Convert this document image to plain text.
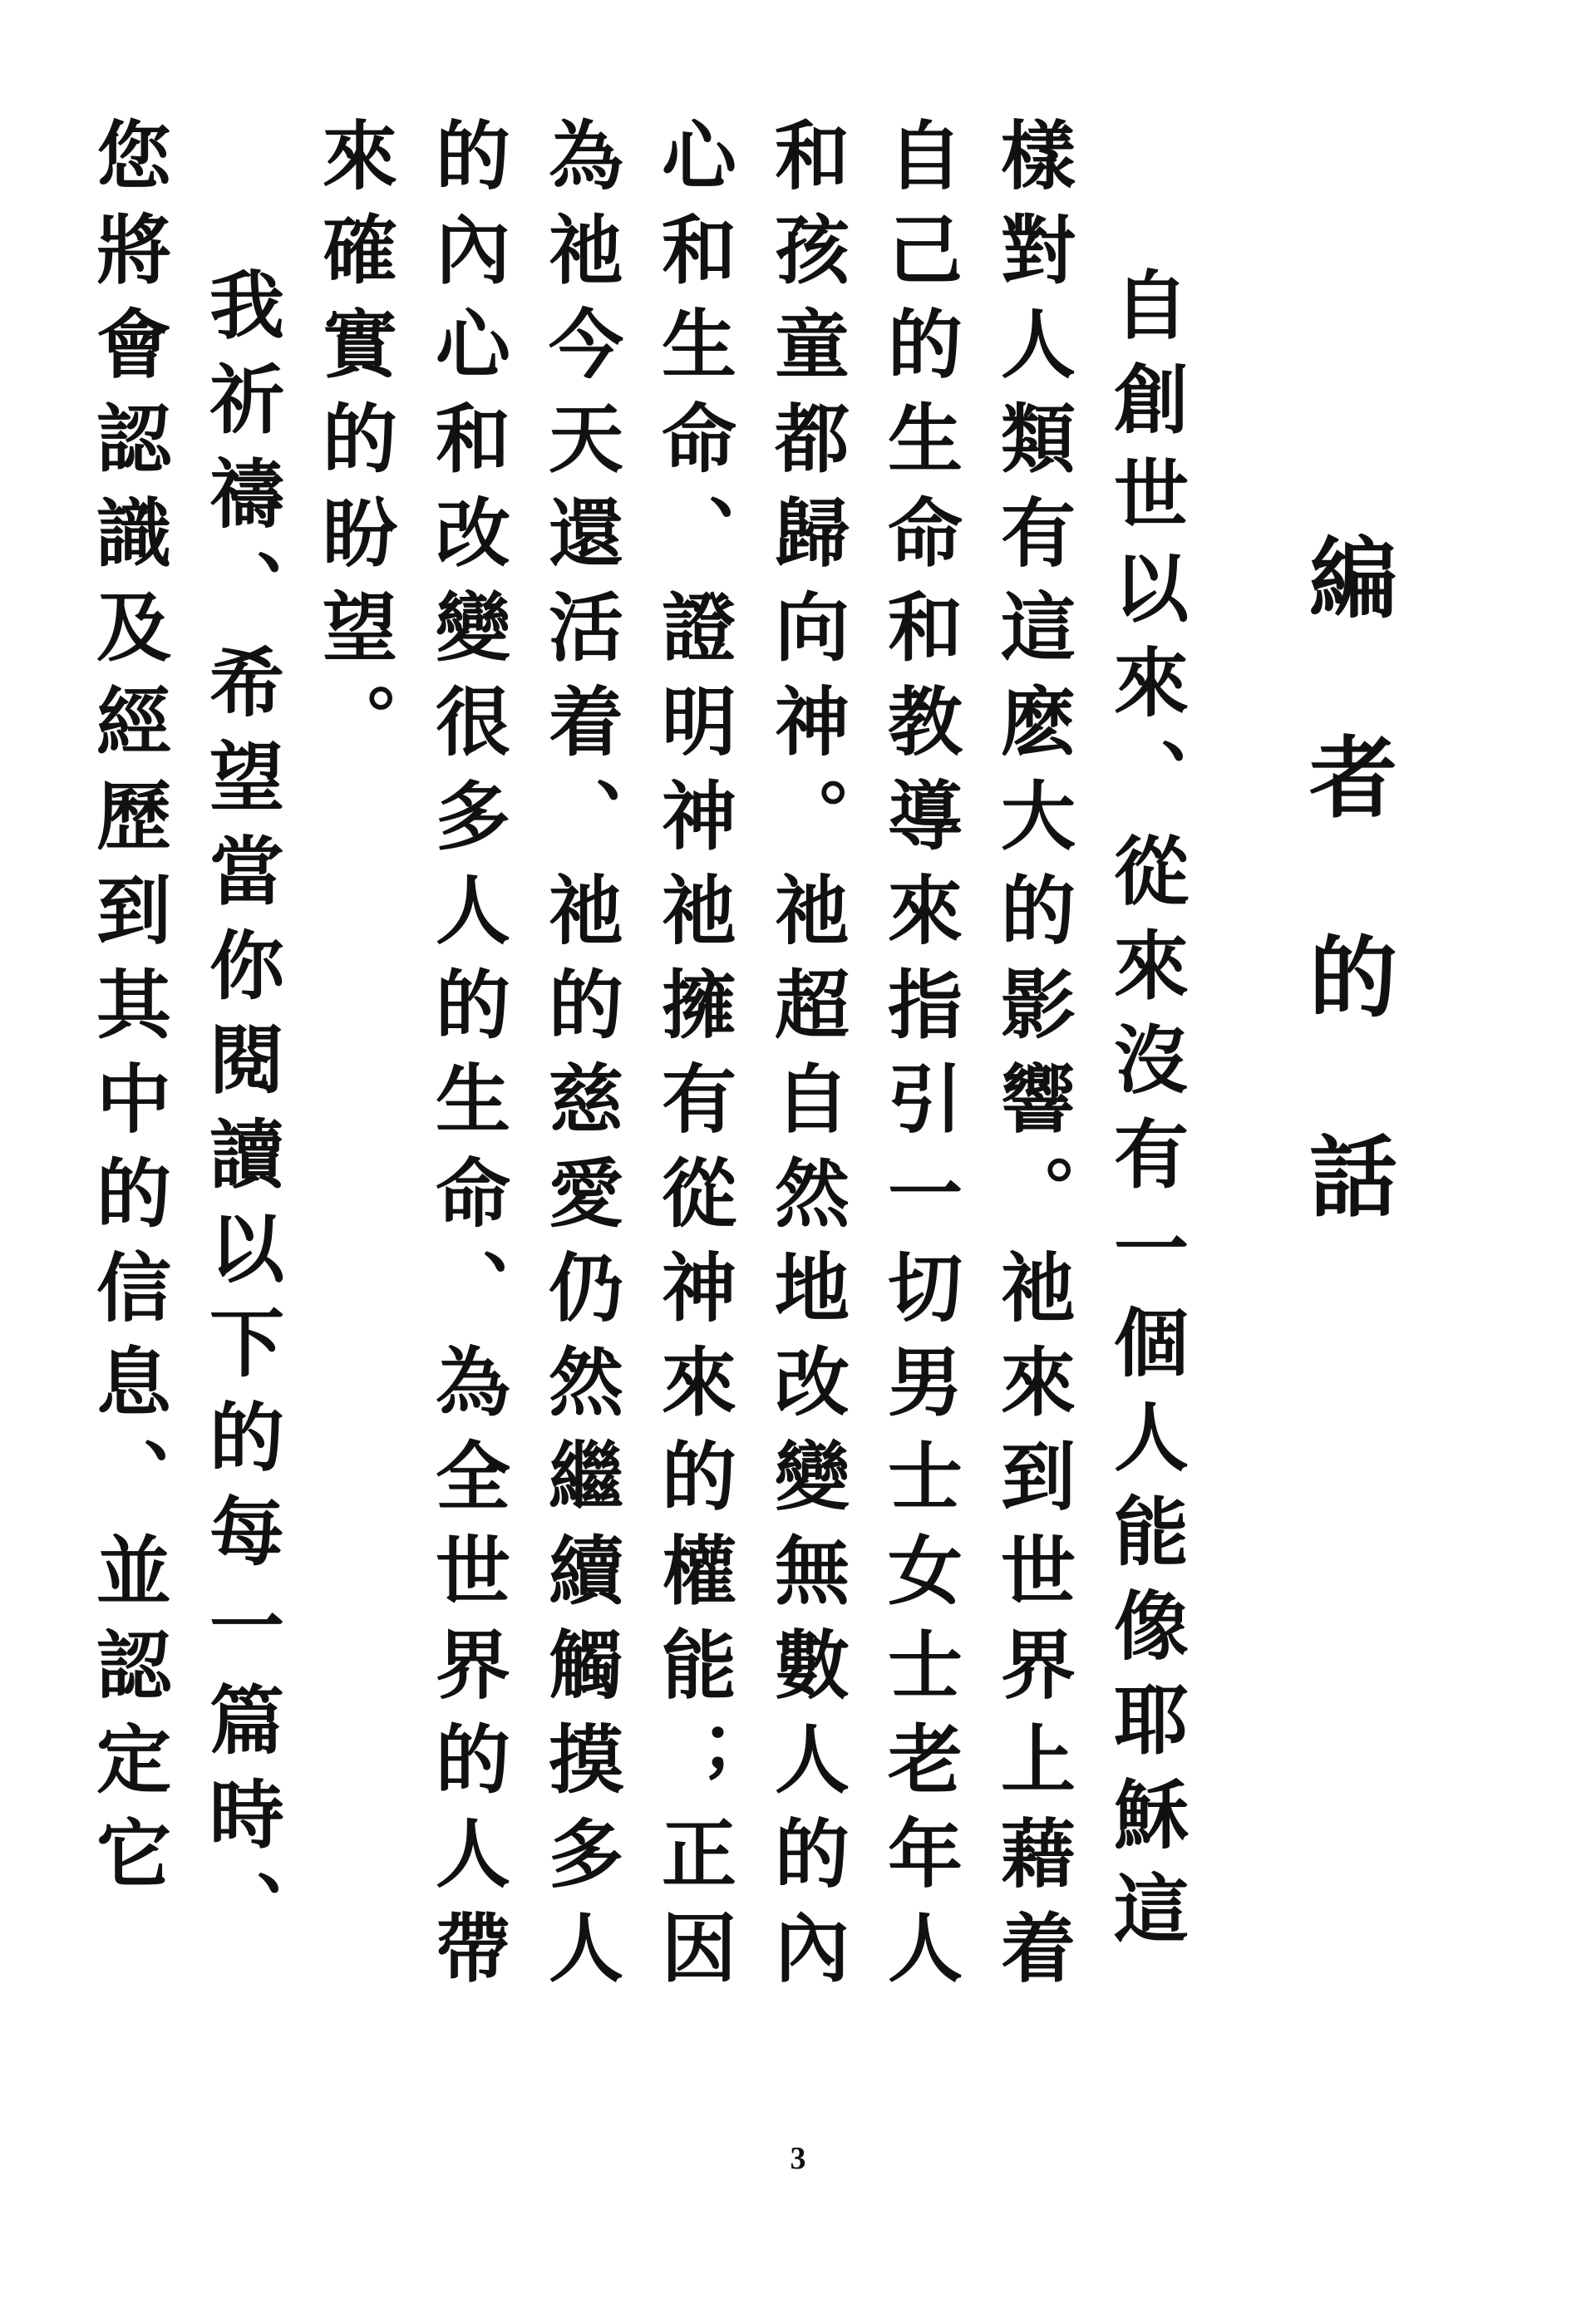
編者的話

自創世以來、從來沒有一個人能像耶穌這樣對人類有這麽大的影響。祂來到世界上藉着自己的生命和教導來指引一切男士女士老年人和孩童都歸向神。祂超自然地改變無數人的內心和生命、證明神祂擁有從神來的權能；正因為祂今天還活着、祂的慈愛仍然繼續觸摸多人的內心和改變很多人的生命、為全世界的人帶來確實的盼望。

我祈禱、希望當你閱讀以下的每一篇時、您將會認識及經歷到其中的信息、並認定它

3
